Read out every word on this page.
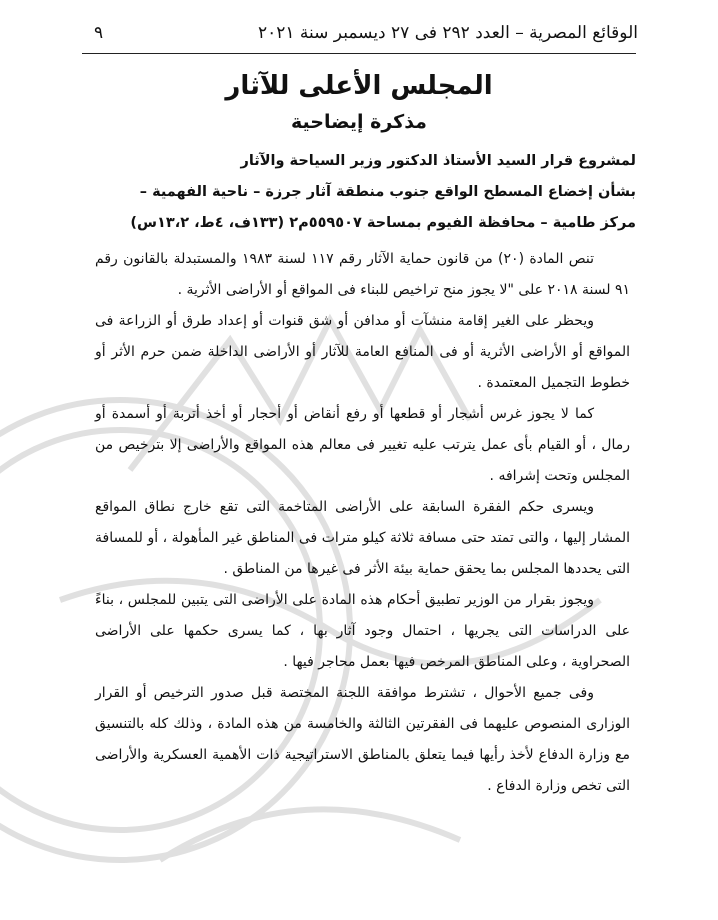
الوقائع المصرية – العدد ٢٩٢ فى ٢٧ ديسمبر سنة ٢٠٢١
٩
المجلس الأعلى للآثار
مذكرة إيضاحية
لمشروع قرار السيد الأستاذ الدكتور وزير السياحة والآثار
بشأن إخضاع المسطح الواقع جنوب منطقة آثار جرزة – ناحية الفهمية –
مركز طامية – محافظة الفيوم بمساحة ٥٥٩٥٠٧م٢ (١٣٣ف، ٤ط، ١٣،٢س)

تنص المادة (٢٠) من قانون حماية الآثار رقم ١١٧ لسنة ١٩٨٣ والمستبدلة بالقانون رقم ٩١ لسنة ٢٠١٨ على "لا يجوز منح تراخيص للبناء فى المواقع أو الأراضى الأثرية .

ويحظر على الغير إقامة منشآت أو مدافن أو شق قنوات أو إعداد طرق أو الزراعة فى المواقع أو الأراضى الأثرية أو فى المنافع العامة للآثار أو الأراضى الداخلة ضمن حرم الأثر أو خطوط التجميل المعتمدة .

كما لا يجوز غرس أشجار أو قطعها أو رفع أنقاض أو أحجار أو أخذ أتربة أو أسمدة أو رمال ، أو القيام بأى عمل يترتب عليه تغيير فى معالم هذه المواقع والأراضى إلا بترخيص من المجلس وتحت إشرافه .

ويسرى حكم الفقرة السابقة على الأراضى المتاخمة التى تقع خارج نطاق المواقع المشار إليها ، والتى تمتد حتى مسافة ثلاثة كيلو مترات فى المناطق غير المأهولة ، أو للمسافة التى يحددها المجلس بما يحقق حماية بيئة الأثر فى غيرها من المناطق .

ويجوز بقرار من الوزير تطبيق أحكام هذه المادة على الأراضى التى يتبين للمجلس ، بناءً على الدراسات التى يجريها ، احتمال وجود آثار بها ، كما يسرى حكمها على الأراضى الصحراوية ، وعلى المناطق المرخص فيها بعمل محاجر فيها .

وفى جميع الأحوال ، تشترط موافقة اللجنة المختصة قبل صدور الترخيص أو القرار الوزارى المنصوص عليهما فى الفقرتين الثالثة والخامسة من هذه المادة ، وذلك كله بالتنسيق مع وزارة الدفاع لأخذ رأيها فيما يتعلق بالمناطق الاستراتيجية ذات الأهمية العسكرية والأراضى التى تخص وزارة الدفاع .
